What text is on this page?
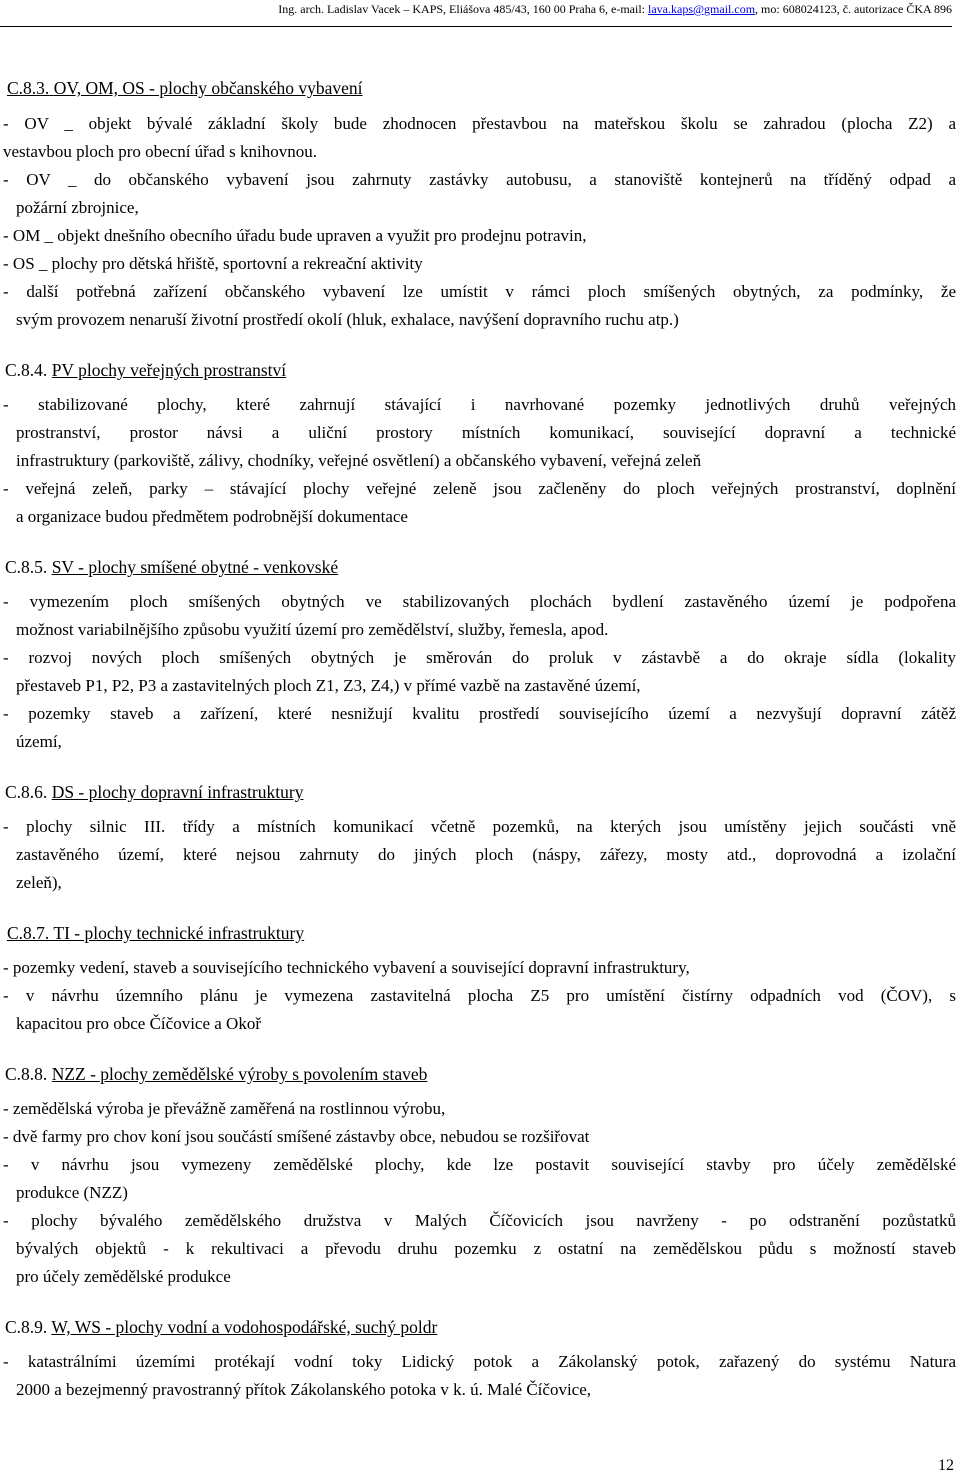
Ing. arch. Ladislav Vacek – KAPS, Eliášova 485/43, 160 00 Praha 6, e-mail: lava.kaps@gmail.com, mo: 608024123, č. autorizace ČKA 896
C.8.3. OV, OM, OS - plochy občanského vybavení
- OV _ objekt bývalé základní školy bude zhodnocen přestavbou na mateřskou školu se zahradou (plocha Z2) a
vestavbou ploch pro obecní úřad s knihovnou.
- OV _ do občanského vybavení jsou zahrnuty zastávky autobusu, a stanoviště kontejnerů na tříděný odpad a
požární zbrojnice,
- OM _ objekt dnešního obecního úřadu bude upraven a využit pro prodejnu potravin,
- OS _ plochy pro dětská hřiště, sportovní a rekreační aktivity
- další potřebná zařízení občanského vybavení lze umístit v rámci ploch smíšených obytných, za podmínky, že
svým provozem nenaruší životní prostředí okolí (hluk, exhalace, navýšení dopravního ruchu atp.)
C.8.4. PV plochy veřejných prostranství
- stabilizované plochy, které zahrnují stávající i navrhované pozemky jednotlivých druhů veřejných
prostranství, prostor návsi a uliční prostory místních komunikací, související dopravní a technické
infrastruktury (parkoviště, zálivy, chodníky, veřejné osvětlení) a občanského vybavení, veřejná zeleň
- veřejná zeleň, parky – stávající plochy veřejné zeleně jsou začleněny do ploch veřejných prostranství, doplnění
a organizace budou předmětem podrobnější dokumentace
C.8.5. SV - plochy smíšené obytné - venkovské
- vymezením ploch smíšených obytných ve stabilizovaných plochách bydlení zastavěného území je podpořena
možnost variabilnějšího způsobu využití území pro zemědělství, služby, řemesla, apod.
- rozvoj nových ploch smíšených obytných je směrován do proluk v zástavbě a do okraje sídla (lokality
přestaveb P1, P2, P3 a zastavitelných ploch Z1, Z3, Z4,) v přímé vazbě na zastavěné území,
- pozemky staveb a zařízení, které nesnižují kvalitu prostředí souvisejícího území a nezvyšují dopravní zátěž
území,
C.8.6. DS - plochy dopravní infrastruktury
- plochy silnic III. třídy a místních komunikací včetně pozemků, na kterých jsou umístěny jejich součásti vně
zastavěného území, které nejsou zahrnuty do jiných ploch (náspy, zářezy, mosty atd., doprovodná a izolační
zeleň),
C.8.7. TI - plochy technické infrastruktury
- pozemky vedení, staveb a souvisejícího technického vybavení a související dopravní infrastruktury,
- v návrhu územního plánu je vymezena zastavitelná plocha Z5 pro umístění čistírny odpadních vod (ČOV), s
kapacitou pro obce Číčovice a Okoř
C.8.8. NZZ - plochy zemědělské výroby s povolením staveb
- zemědělská výroba je převážně zaměřená na rostlinnou výrobu,
- dvě farmy pro chov koní jsou součástí smíšené zástavby obce, nebudou se rozšiřovat
- v návrhu jsou vymezeny zemědělské plochy, kde lze postavit související stavby pro účely zemědělské
produkce (NZZ)
- plochy bývalého zemědělského družstva v Malých Číčovicích jsou navrženy - po odstranění pozůstatků
bývalých objektů - k rekultivaci a převodu druhu pozemku z ostatní na zemědělskou půdu s možností staveb
pro účely zemědělské produkce
C.8.9. W, WS - plochy vodní a vodohospodářské, suchý poldr
- katastrálními územími protékají vodní toky Lidický potok a Zákolanský potok, zařazený do systému Natura
2000 a bezejmenný pravostranný přítok Zákolanského potoka v k. ú. Malé Číčovice,
12
